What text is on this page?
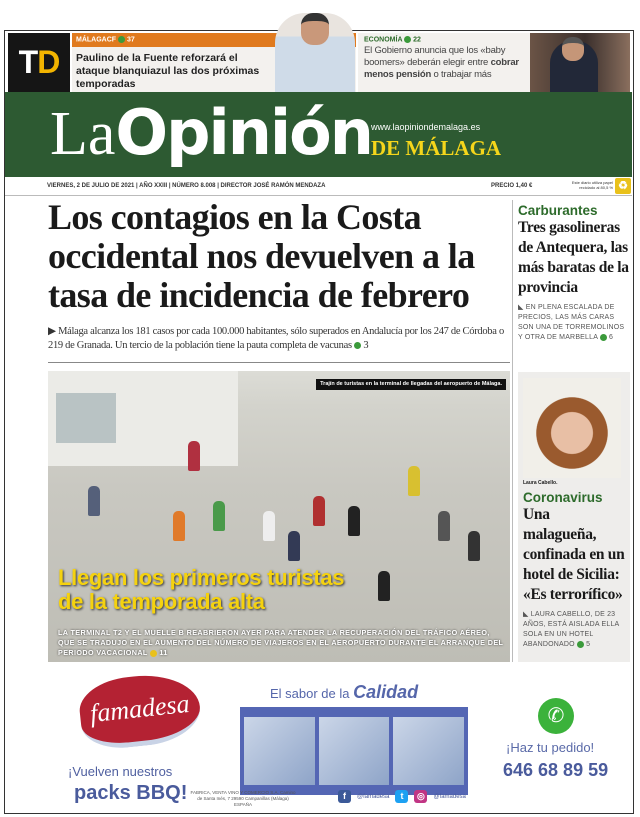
T D
MÁLAGACF 37
Paulino de la Fuente reforzará el ataque blanquiazul las dos próximas temporadas
ECONOMÍA 22
El Gobierno anuncia que los «baby boomers» deberán elegir entre cobrar menos pensión o trabajar más
LaOpinión www.laopiniondemalaga.es
DE MÁLAGA
VIERNES, 2 DE JULIO DE 2021 | AÑO XXIII | NÚMERO 8.008 | DIRECTOR JOSÉ RAMÓN MENDAZA	PRECIO 1,40 €
Este diario utiliza papel reciclado al 80,5 % ♻
Los contagios en la Costa occidental nos devuelven a la tasa de incidencia de febrero
▶ Málaga alcanza los 181 casos por cada 100.000 habitantes, sólo superados en Andalucía por los 247 de Córdoba o 219 de Granada. Un tercio de la población tiene la pauta completa de vacunas 3
Trajín de turistas en la terminal de llegadas del aeropuerto de Málaga.
Llegan los primeros turistas
de la temporada alta
LA TERMINAL T2 Y EL MUELLE B REABRIERON AYER PARA ATENDER LA RECUPERACIÓN DEL TRÁFICO AÉREO, QUE SE TRADUJO EN EL AUMENTO DEL NÚMERO DE VIAJEROS EN EL AEROPUERTO DURANTE EL ARRANQUE DEL PERIODO VACACIONAL 11
Carburantes
Tres gasolineras de Antequera, las más baratas de la provincia
◣ EN PLENA ESCALADA DE PRECIOS, LAS MÁS CARAS SON UNA DE TORREMOLINOS Y OTRA DE MARBELLA 6
Laura Cabello.
Coronavirus
Una malagueña, confinada en un hotel de Sicilia: «Es terrorífico»
◣ LAURA CABELLO, DE 23 AÑOS, ESTÁ AISLADA ELLA SOLA EN UN HOTEL ABANDONADO 5
famadesa
¡Vuelven nuestros
packs BBQ!
El sabor de la Calidad
FABRICA, VENTA VINO Y COMERCIO S.A. Camino de Santa Inés, 7 29590 Campanillas (Málaga) ESPAÑA
f	@famadesa	t	◎	@famadesa
✆
¡Haz tu pedido!
646 68 89 59
